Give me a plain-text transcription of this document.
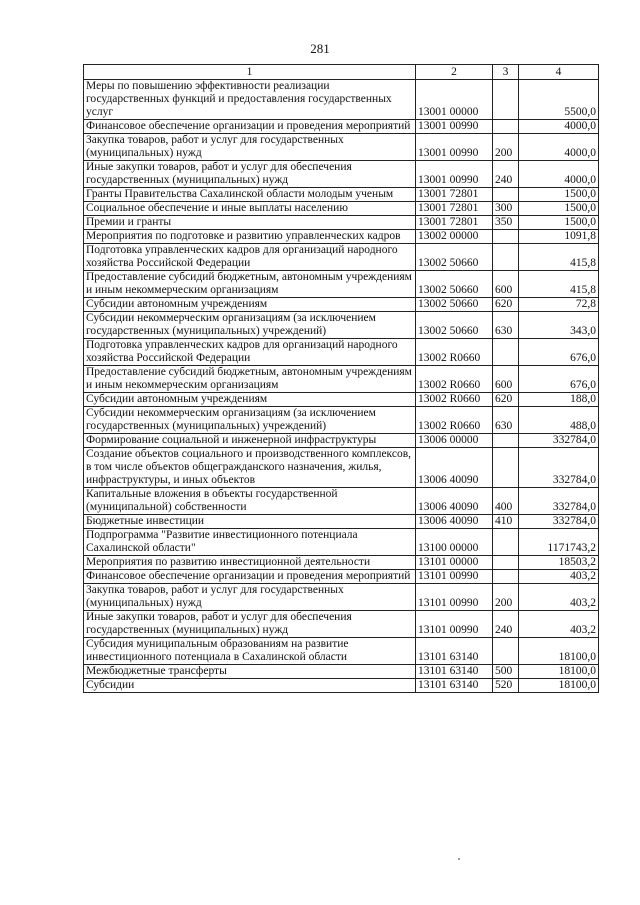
281
1	2	3	4
Меры по повышению эффективности реализации государственных функций и предоставления государственных услуг	13001 00000		5500,0
Финансовое обеспечение организации и проведения мероприятий	13001 00990		4000,0
Закупка товаров, работ и услуг для государственных (муниципальных) нужд	13001 00990	200	4000,0
Иные закупки товаров, работ и услуг для обеспечения государственных (муниципальных) нужд	13001 00990	240	4000,0
Гранты Правительства Сахалинской области молодым ученым	13001 72801		1500,0
Социальное обеспечение и иные выплаты населению	13001 72801	300	1500,0
Премии и гранты	13001 72801	350	1500,0
Мероприятия по подготовке и развитию управленческих кадров	13002 00000		1091,8
Подготовка управленческих кадров для организаций народного хозяйства Российской Федерации	13002 50660		415,8
Предоставление субсидий бюджетным, автономным учреждениям и иным некоммерческим организациям	13002 50660	600	415,8
Субсидии автономным учреждениям	13002 50660	620	72,8
Субсидии некоммерческим организациям (за исключением государственных (муниципальных) учреждений)	13002 50660	630	343,0
Подготовка управленческих кадров для организаций народного хозяйства Российской Федерации	13002 R0660		676,0
Предоставление субсидий бюджетным, автономным учреждениям и иным некоммерческим организациям	13002 R0660	600	676,0
Субсидии автономным учреждениям	13002 R0660	620	188,0
Субсидии некоммерческим организациям (за исключением государственных (муниципальных) учреждений)	13002 R0660	630	488,0
Формирование социальной и инженерной инфраструктуры	13006 00000		332784,0
Создание объектов социального и производственного комплексов, в том числе объектов общегражданского назначения, жилья, инфраструктуры, и иных объектов	13006 40090		332784,0
Капитальные вложения в объекты государственной (муниципальной) собственности	13006 40090	400	332784,0
Бюджетные инвестиции	13006 40090	410	332784,0
Подпрограмма "Развитие инвестиционного потенциала Сахалинской области"	13100 00000		1171743,2
Мероприятия по развитию инвестиционной деятельности	13101 00000		18503,2
Финансовое обеспечение организации и проведения мероприятий	13101 00990		403,2
Закупка товаров, работ и услуг для государственных (муниципальных) нужд	13101 00990	200	403,2
Иные закупки товаров, работ и услуг для обеспечения государственных (муниципальных) нужд	13101 00990	240	403,2
Субсидия муниципальным образованиям на развитие инвестиционного потенциала в Сахалинской области	13101 63140		18100,0
Межбюджетные трансферты	13101 63140	500	18100,0
Субсидии	13101 63140	520	18100,0
